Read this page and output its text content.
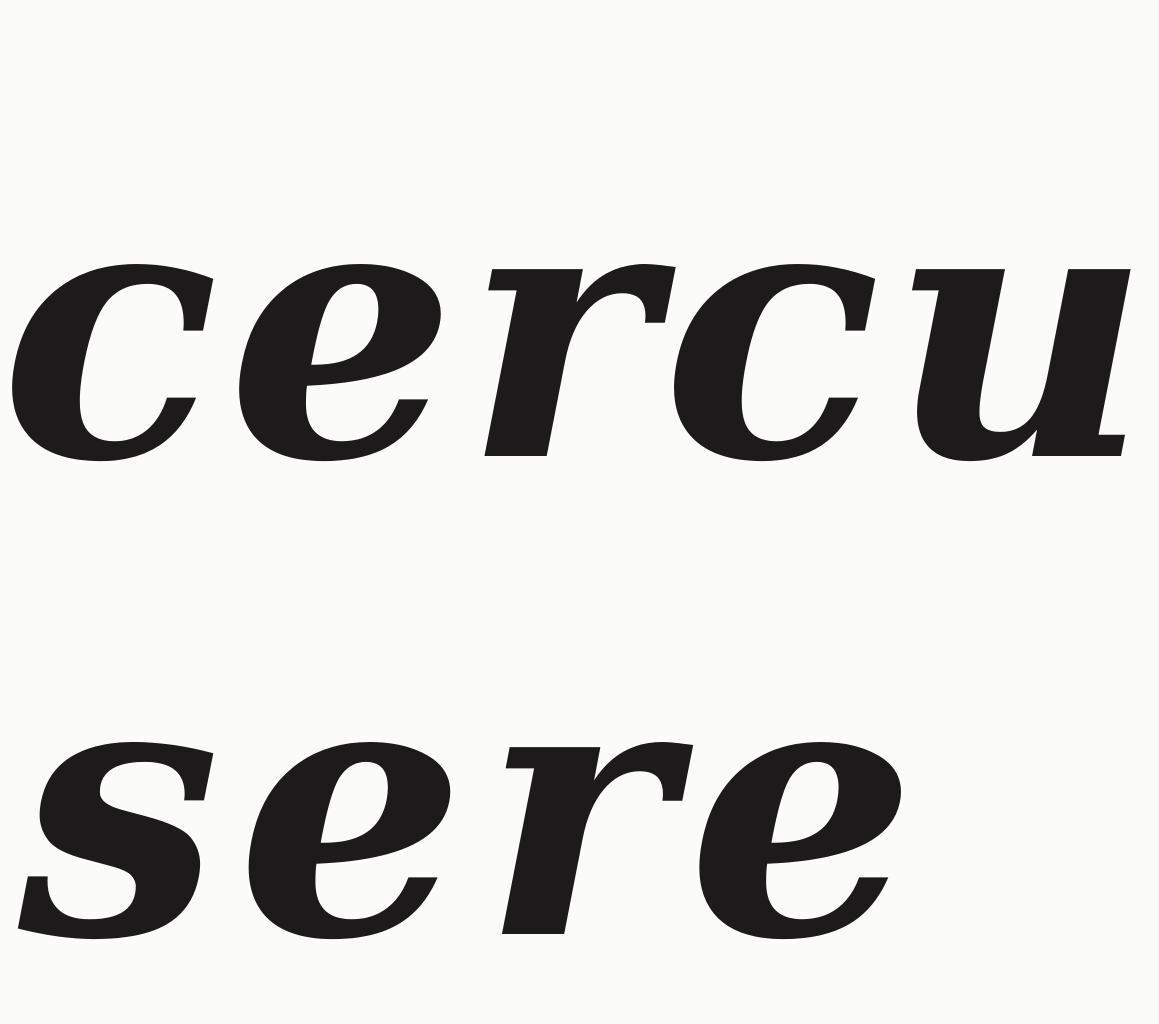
cercu

sere
